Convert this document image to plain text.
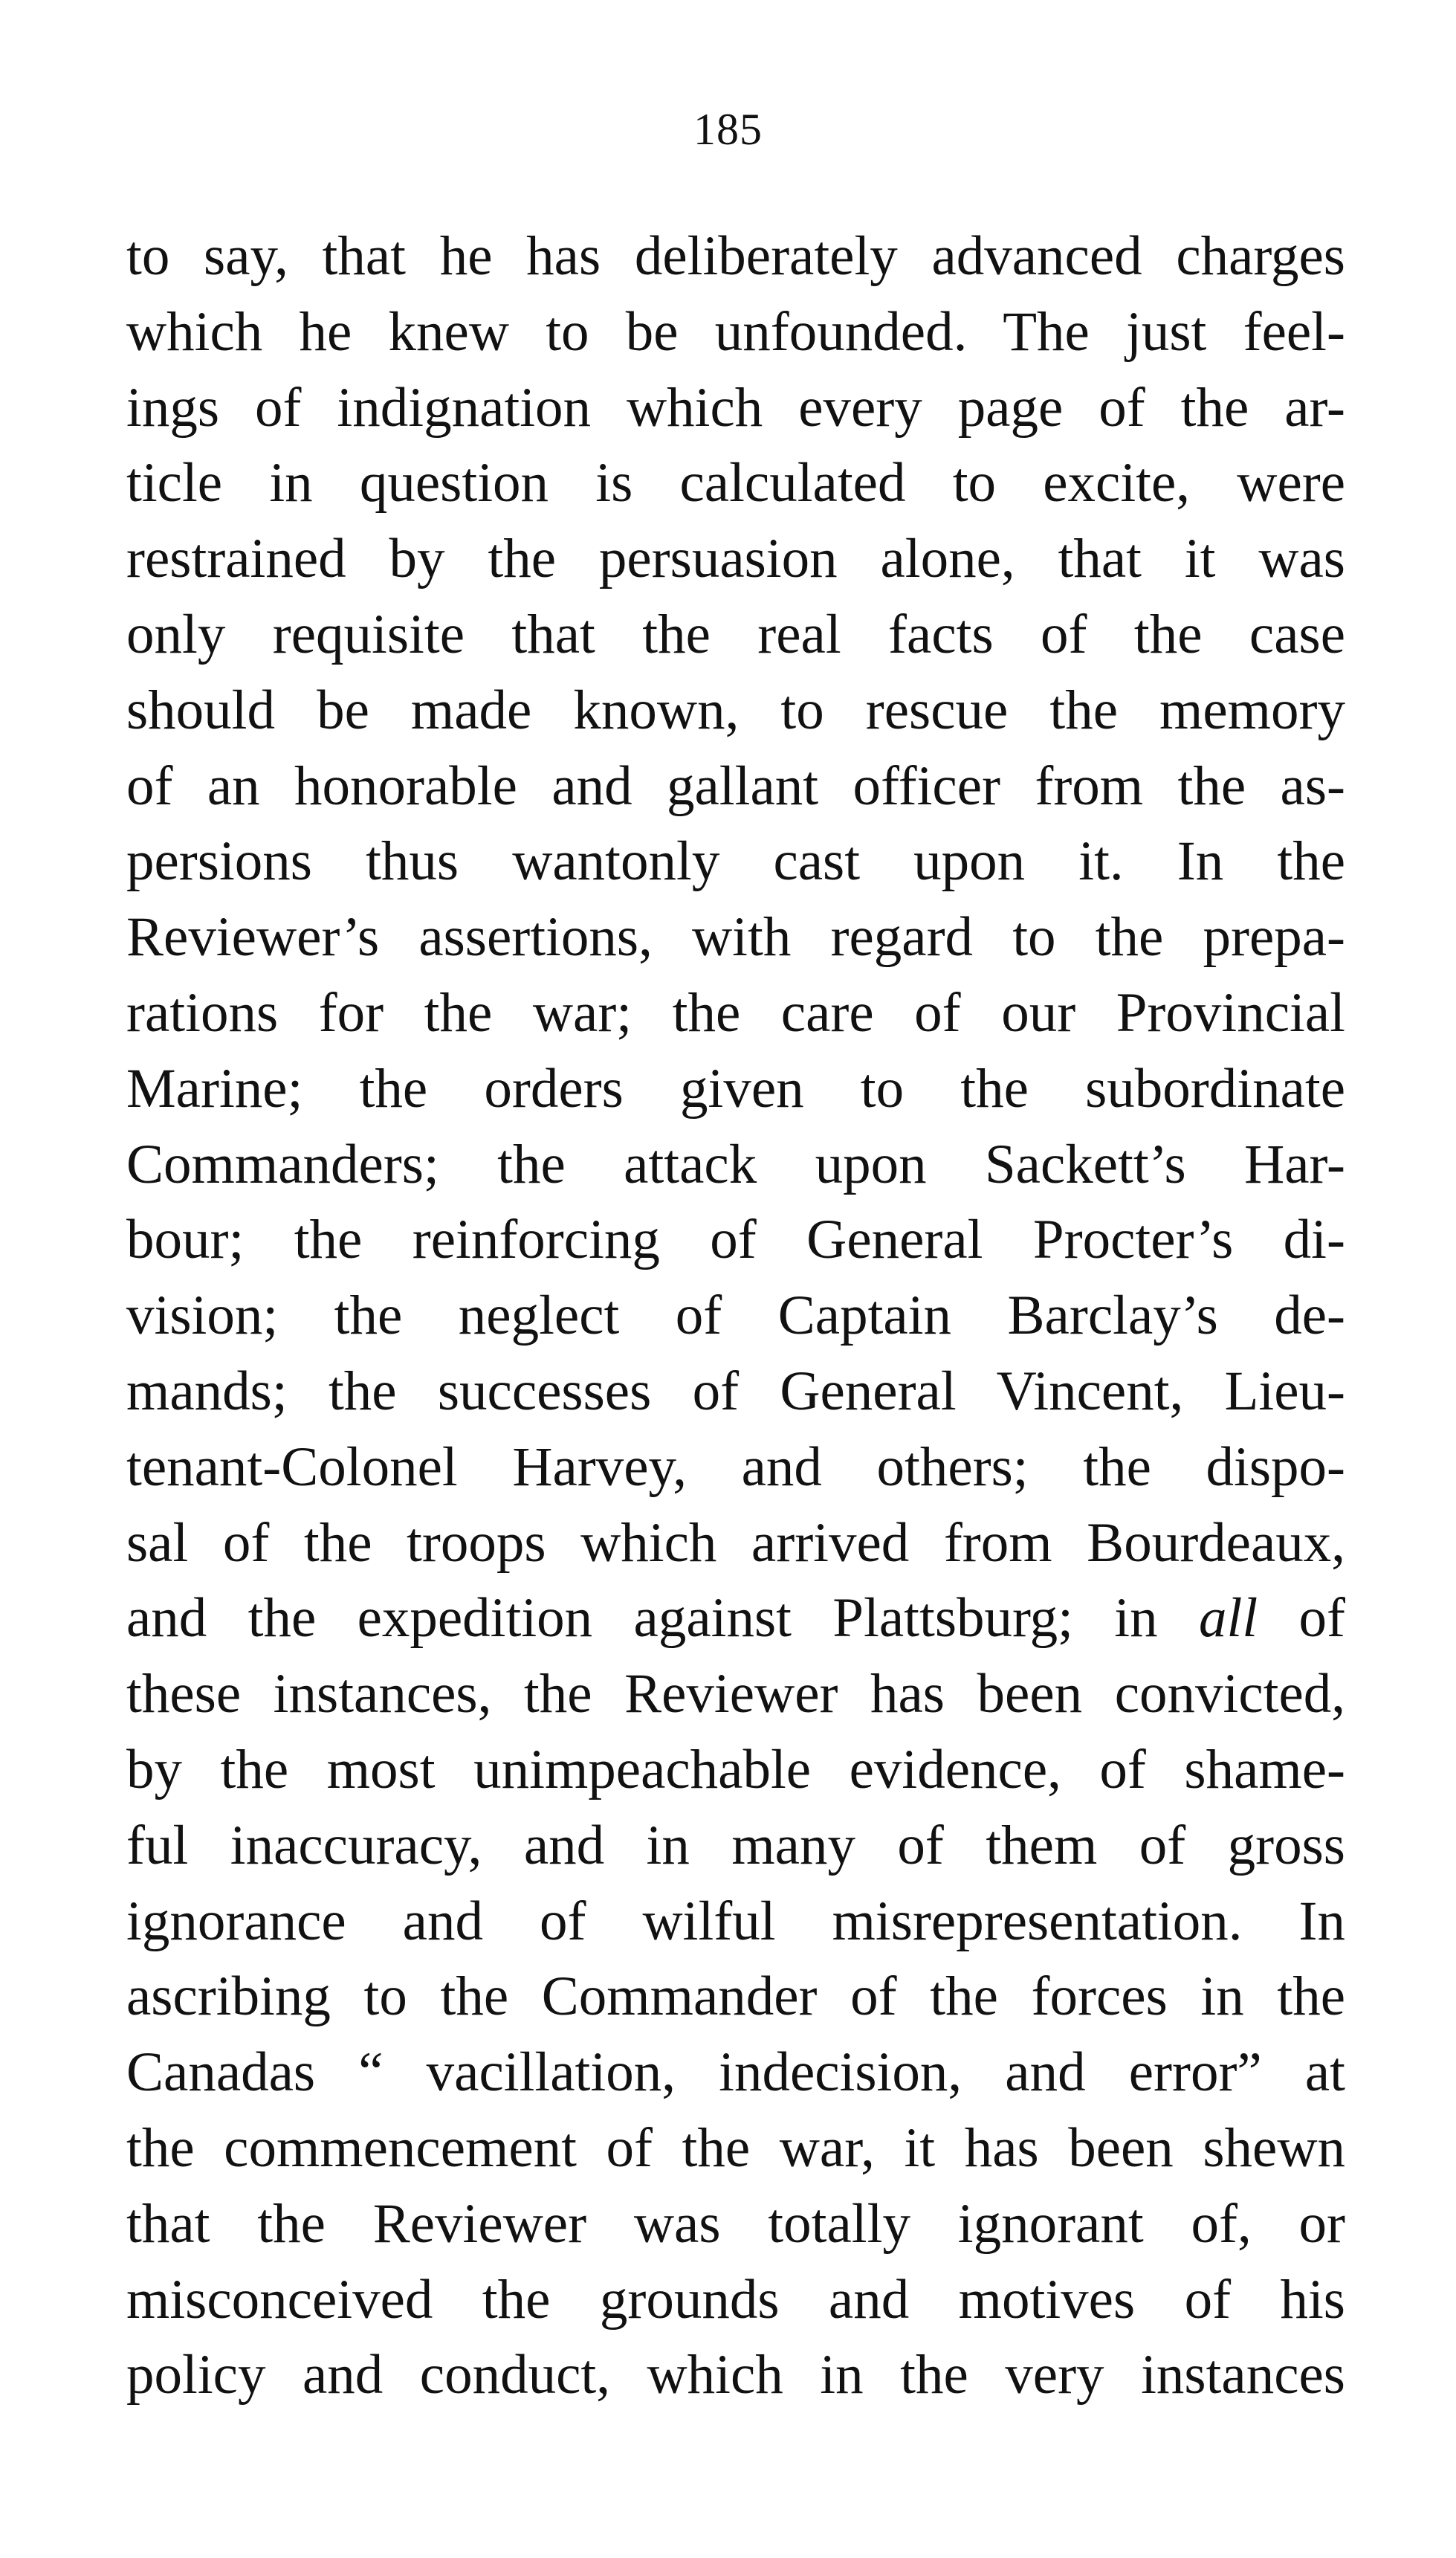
185
to say, that he has deliberately advanced charges
which he knew to be unfounded. The just feel-
ings of indignation which every page of the ar-
ticle in question is calculated to excite, were
restrained by the persuasion alone, that it was
only requisite that the real facts of the case
should be made known, to rescue the memory
of an honorable and gallant officer from the as-
persions thus wantonly cast upon it. In the
Reviewer’s assertions, with regard to the prepa-
rations for the war; the care of our Provincial
Marine; the orders given to the subordinate
Commanders; the attack upon Sackett’s Har-
bour; the reinforcing of General Procter’s di-
vision; the neglect of Captain Barclay’s de-
mands; the successes of General Vincent, Lieu-
tenant-Colonel Harvey, and others; the dispo-
sal of the troops which arrived from Bourdeaux,
and the expedition against Plattsburg; in all of
these instances, the Reviewer has been convicted,
by the most unimpeachable evidence, of shame-
ful inaccuracy, and in many of them of gross
ignorance and of wilful misrepresentation. In
ascribing to the Commander of the forces in the
Canadas “ vacillation, indecision, and error” at
the commencement of the war, it has been shewn
that the Reviewer was totally ignorant of, or
misconceived the grounds and motives of his
policy and conduct, which in the very instances
